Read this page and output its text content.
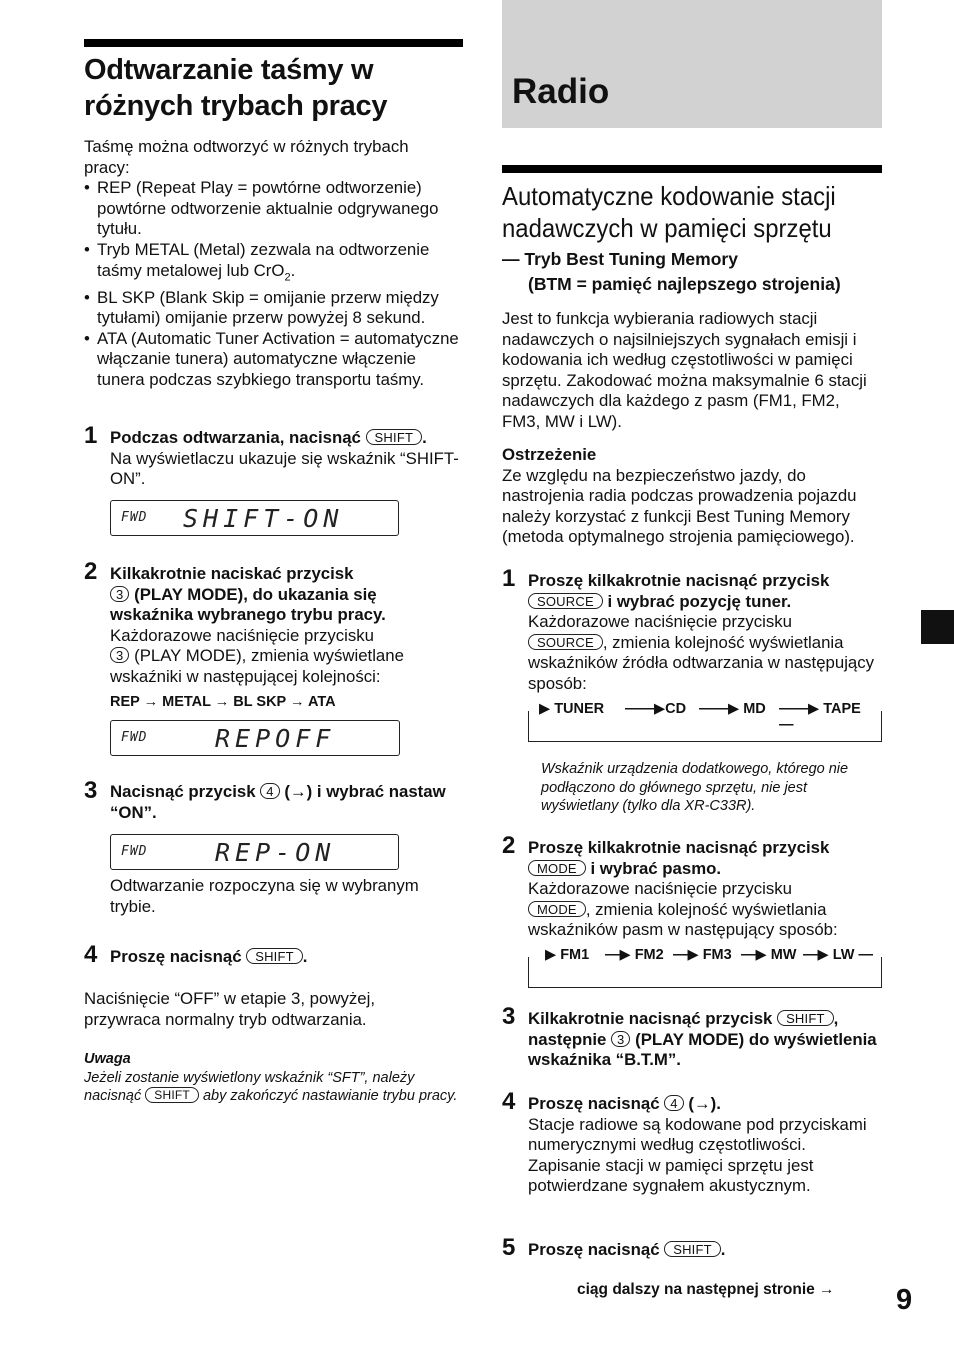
Odtwarzanie taśmy w różnych trybach pracy

Taśmę można odtworzyć w różnych trybach pracy:

• REP (Repeat Play = powtórne odtworzenie) powtórne odtworzenie aktualnie odgrywanego tytułu.

• Tryb METAL (Metal) zezwala na odtworzenie taśmy metalowej lub CrO$_2$.

• BL SKP (Blank Skip = omijanie przerw między tytułami) omijanie przerw powyżej 8 sekund.

• ATA (Automatic Tuner Activation = automatyczne włączanie tunera) automatyczne włączenie tunera podczas szybkiego transportu taśmy.

1 Podczas odtwarzania, nacisnąć SHIFT .
Na wyświetlaczu ukazuje się wskaźnik “SHIFT-ON”.
FWD SHIFT-ON
2 Kilkakrotnie naciskać przycisk
3 (PLAY MODE), do ukazania się wskaźnika wybranego trybu pracy.
Każdorazowe naciśnięcie przycisku
3 (PLAY MODE), zmienia wyświetlane wskaźniki w następującej kolejności:
REP → METAL → BL SKP → ATA
FWD	REPOFF
3 Nacisnąć przycisk 4 (→) i wybrać nastaw “ON”.
FWD	REP-ON

Odtwarzanie rozpoczyna się w wybranym trybie.

4 Proszę nacisnąć SHIFT .

Naciśnięcie “OFF” w etapie 3, powyżej, przywraca normalny tryb odtwarzania.

Uwaga
Jeżeli zostanie wyświetlony wskaźnik “SFT”, należy nacisnąć SHIFT aby zakończyć nastawianie trybu pracy.
Radio
Automatyczne kodowanie stacji
nadawczych w pamięci sprzętu
— Tryb Best Tuning Memory
(BTM = pamięć najlepszego strojenia)

Jest to funkcja wybierania radiowych stacji nadawczych o najsilniejszych sygnałach emisji i kodowania ich według częstotliwości w pamięci sprzętu. Zakodować można maksymalnie 6 stacji nadawczych dla każdego z pasm (FM1, FM2, FM3, MW i LW).

Ostrzeżenie
Ze względu na bezpieczeństwo jazdy, do nastrojenia radia podczas prowadzenia pojazdu należy korzystać z funkcji Best Tuning Memory (metoda optymalnego strojenia pamięciowego).
1 Proszę kilkakrotnie nacisnąć przycisk
SOURCE i wybrać pozycję tuner.
Każdorazowe naciśnięcie przycisku
SOURCE , zmienia kolejność wyświetlania wskaźników źródła odtwarzania w następujący sposób:
▶ TUNER ——▶CD ——▶ MD ——▶ TAPE —
Wskaźnik urządzenia dodatkowego, którego nie podłączono do głównego sprzętu, nie jest wyświetlany (tylko dla XR-C33R).
2 Proszę kilkakrotnie nacisnąć przycisk
MODE i wybrać pasmo.
Każdorazowe naciśnięcie przycisku
MODE , zmienia kolejność wyświetlania wskaźników pasm w następujący sposób:
▶ FM1 —▶ FM2 —▶ FM3 —▶ MW —▶ LW —
3 Kilkakrotnie nacisnąć przycisk SHIFT , następnie 3 (PLAY MODE) do wyświetlenia wskaźnika “B.T.M”.
4 Proszę nacisnąć 4 (→).
Stacje radiowe są kodowane pod przyciskami numerycznymi według częstotliwości.
Zapisanie stacji w pamięci sprzętu jest potwierdzane sygnałem akustycznym.
5 Proszę nacisnąć SHIFT .
ciąg dalszy na następnej stronie → 9
